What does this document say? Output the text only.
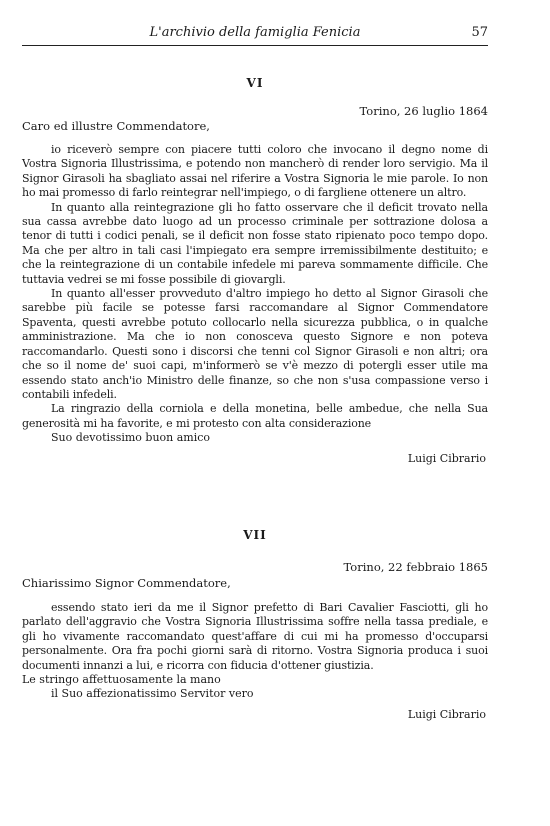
L'archivio della famiglia Fenicia	57
VI
Torino, 26 luglio 1864
Caro ed illustre Commendatore,

io riceverò sempre con piacere tutti coloro che invocano il degno nome di Vostra Signoria Illustrissima, e potendo non mancherò di render loro servigio. Ma il Signor Girasoli ha sbagliato assai nel riferire a Vostra Signoria le mie parole. Io non ho mai promesso di farlo reintegrar nell'impiego, o di fargliene ottenere un altro.

In quanto alla reintegrazione gli ho fatto osservare che il deficit trovato nella sua cassa avrebbe dato luogo ad un processo criminale per sottrazione dolosa a tenor di tutti i codici penali, se il deficit non fosse stato ripienato poco tempo dopo. Ma che per altro in tali casi l'impiegato era sempre irremissibilmente destituito; e che la reintegrazione di un contabile infedele mi pareva sommamente difficile. Che tuttavia vedrei se mi fosse possibile di giovargli.

In quanto all'esser provveduto d'altro impiego ho detto al Signor Girasoli che sarebbe più facile se potesse farsi raccomandare al Signor Commendatore Spaventa, questi avrebbe potuto collocarlo nella sicurezza pubblica, o in qualche amministrazione. Ma che io non conosceva questo Signore e non poteva raccomandarlo. Questi sono i discorsi che tenni col Signor Girasoli e non altri; ora che so il nome de' suoi capi, m'informerò se v'è mezzo di potergli esser utile ma essendo stato anch'io Ministro delle finanze, so che non s'usa compassione verso i contabili infedeli.

La ringrazio della corniola e della monetina, belle ambedue, che nella Sua generosità mi ha favorite, e mi protesto con alta considerazione

Suo devotissimo buon amico

Luigi Cibrario
VII
Torino, 22 febbraio 1865
Chiarissimo Signor Commendatore,

essendo stato ieri da me il Signor prefetto di Bari Cavalier Fasciotti, gli ho parlato dell'aggravio che Vostra Signoria Illustrissima soffre nella tassa prediale, e gli ho vivamente raccomandato quest'affare di cui mi ha promesso d'occuparsi personalmente. Ora fra pochi giorni sarà di ritorno. Vostra Signoria produca i suoi documenti innanzi a lui, e ricorra con fiducia d'ottener giustizia.

Le stringo affettuosamente la mano

il Suo affezionatissimo Servitor vero

Luigi Cibrario
